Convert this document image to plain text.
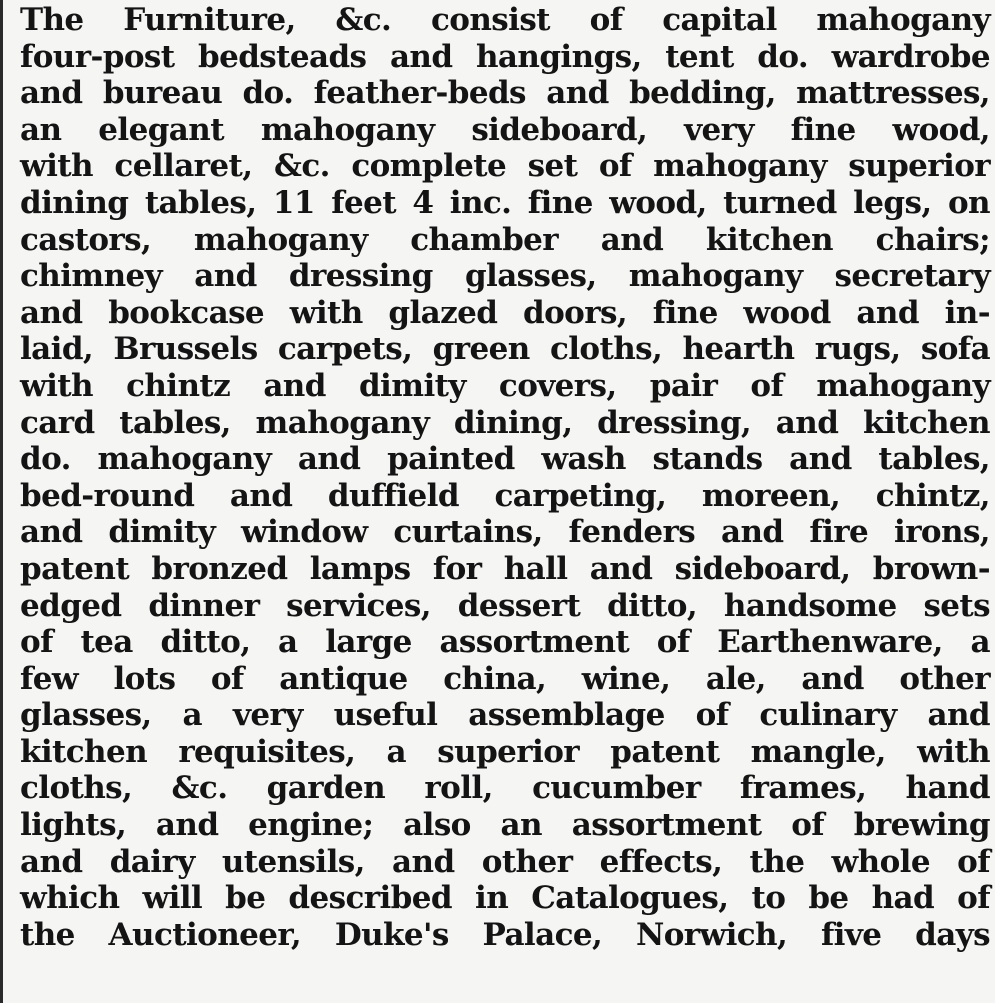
The Furniture, &c. consist of capital mahogany
four-post bedsteads and hangings, tent do. wardrobe
and bureau do. feather-beds and bedding, mattresses,
an elegant mahogany sideboard, very fine wood,
with cellaret, &c. complete set of mahogany superior
dining tables, 11 feet 4 inc. fine wood, turned legs, on
castors, mahogany chamber and kitchen chairs;
chimney and dressing glasses, mahogany secretary
and bookcase with glazed doors, fine wood and in-
laid, Brussels carpets, green cloths, hearth rugs, sofa
with chintz and dimity covers, pair of mahogany
card tables, mahogany dining, dressing, and kitchen
do. mahogany and painted wash stands and tables,
bed-round and duffield carpeting, moreen, chintz,
and dimity window curtains, fenders and fire irons,
patent bronzed lamps for hall and sideboard, brown-
edged dinner services, dessert ditto, handsome sets
of tea ditto, a large assortment of Earthenware, a
few lots of antique china, wine, ale, and other
glasses, a very useful assemblage of culinary and
kitchen requisites, a superior patent mangle, with
cloths, &c. garden roll, cucumber frames, hand
lights, and engine; also an assortment of brewing
and dairy utensils, and other effects, the whole of
which will be described in Catalogues, to be had of
the Auctioneer, Duke's Palace, Norwich, five days
